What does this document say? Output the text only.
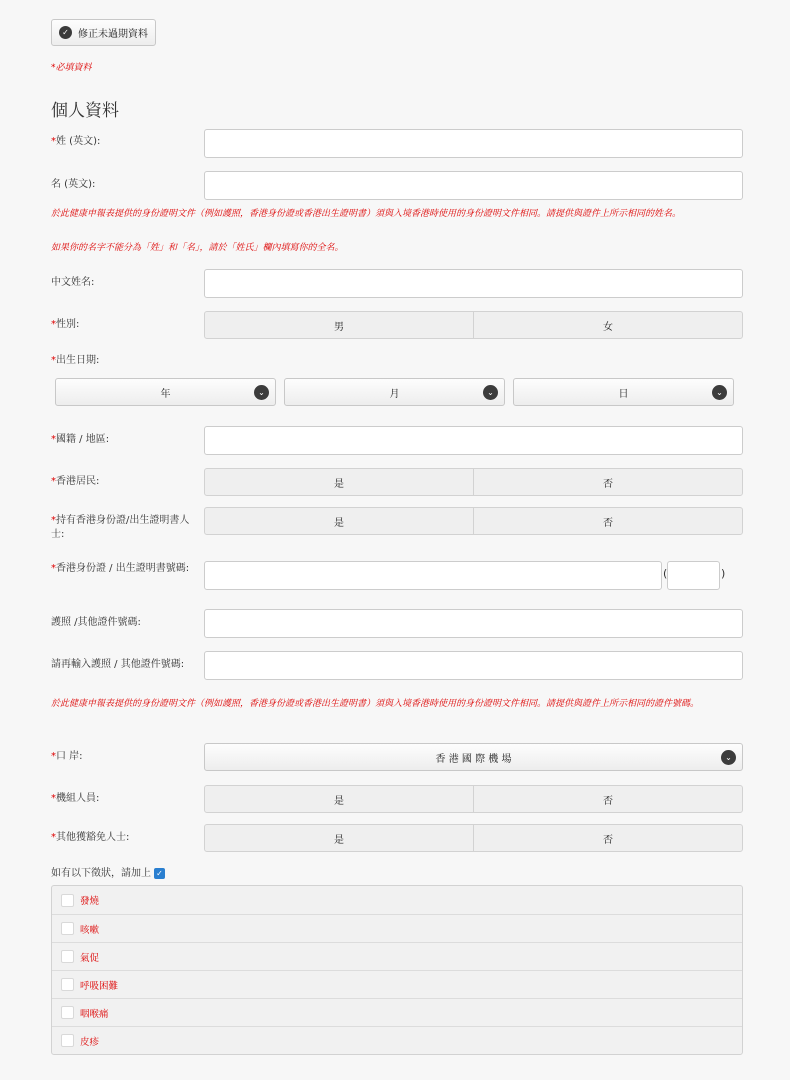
✓ 修正未過期資料
*必填資料
個人資料
*姓 (英文):
名 (英文):
於此健康申報表提供的身份證明文件（例如護照，香港身份證或香港出生證明書）須與入境香港時使用的身份證明文件相同。請提供與證件上所示相同的姓名。
如果你的名字不能分為「姓」和「名」，請於「姓氏」欄內填寫你的全名。
中文姓名:
*性別:	男	女
*出生日期:
年	⌄	月	⌄	日	⌄
*國籍 / 地區:
*香港居民:	是	否
*持有香港身份證/出生證明書人士:
是	否
*香港身份證 / 出生證明書號碼:	(	)
護照 /其他證件號碼:
請再輸入護照 / 其他證件號碼:
於此健康申報表提供的身份證明文件（例如護照，香港身份證或香港出生證明書）須與入境香港時使用的身份證明文件相同。請提供與證件上所示相同的證件號碼。
*口 岸:	香 港 國 際 機 場	⌄
*機組人員:	是	否
*其他獲豁免人士:	是	否
如有以下徵狀，請加上 ✓
發燒
咳嗽
氣促
呼吸困難
咽喉痛
皮疹
